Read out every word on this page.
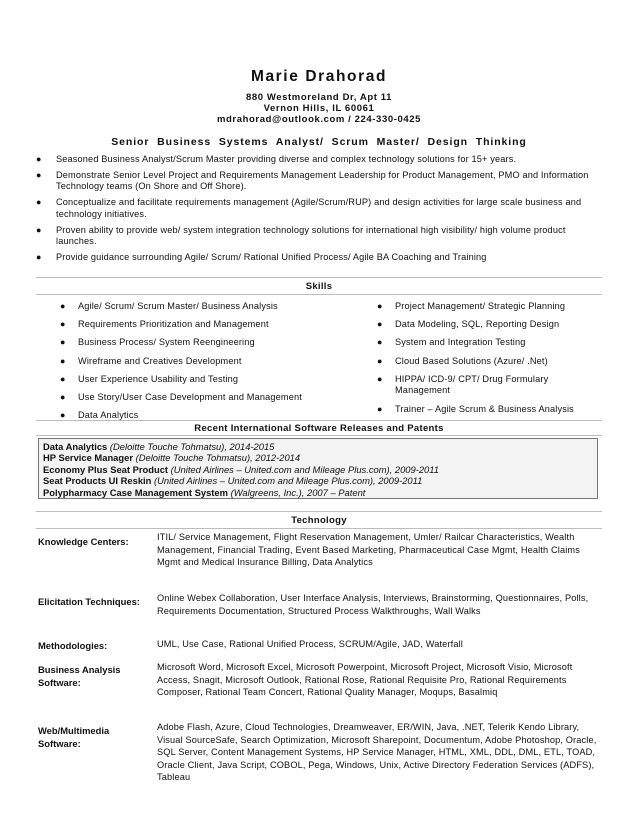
Marie Drahorad
880 Westmoreland Dr, Apt 11
Vernon Hills, IL 60061
mdrahorad@outlook.com / 224-330-0425
Senior Business Systems Analyst/ Scrum Master/ Design Thinking
● Seasoned Business Analyst/Scrum Master providing diverse and complex technology solutions for 15+ years.
● Demonstrate Senior Level Project and Requirements Management Leadership for Product Management, PMO and Information Technology teams (On Shore and Off Shore).
● Conceptualize and facilitate requirements management (Agile/Scrum/RUP) and design activities for large scale business and technology initiatives.
● Proven ability to provide web/ system integration technology solutions for international high visibility/ high volume product launches.
● Provide guidance surrounding Agile/ Scrum/ Rational Unified Process/ Agile BA Coaching and Training
Skills
● Agile/ Scrum/ Scrum Master/ Business Analysis
● Requirements Prioritization and Management
● Business Process/ System Reengineering
● Wireframe and Creatives Development
● User Experience Usability and Testing
● Use Story/User Case Development and Management
● Data Analytics
● Project Management/ Strategic Planning
● Data Modeling, SQL, Reporting Design
● System and Integration Testing
● Cloud Based Solutions (Azure/ .Net)
● HIPPA/ ICD-9/ CPT/ Drug Formulary Management
● Trainer – Agile Scrum & Business Analysis
Recent International Software Releases and Patents
Data Analytics (Deloitte Touche Tohmatsu), 2014-2015
HP Service Manager (Deloitte Touche Tohmatsu), 2012-2014
Economy Plus Seat Product (United Airlines – United.com and Mileage Plus.com), 2009-2011
Seat Products UI Reskin (United Airlines – United.com and Mileage Plus.com), 2009-2011
Polypharmacy Case Management System (Walgreens, Inc.), 2007 – Patent
Technology
Knowledge Centers:	ITIL/ Service Management, Flight Reservation Management, Umler/ Railcar Characteristics, Wealth Management, Financial Trading, Event Based Marketing, Pharmaceutical Case Mgmt, Health Claims Mgmt and Medical Insurance Billing, Data Analytics
Elicitation Techniques:	Online Webex Collaboration, User Interface Analysis, Interviews, Brainstorming, Questionnaires, Polls, Requirements Documentation, Structured Process Walkthroughs, Wall Walks
Methodologies:	UML, Use Case, Rational Unified Process, SCRUM/Agile, JAD, Waterfall
Business Analysis Software:
Microsoft Word, Microsoft Excel, Microsoft Powerpoint, Microsoft Project, Microsoft Visio, Microsoft Access, Snagit, Microsoft Outlook, Rational Rose, Rational Requisite Pro, Rational Requirements Composer, Rational Team Concert, Rational Quality Manager, Moqups, Basalmiq
Web/Multimedia Software:
Adobe Flash, Azure, Cloud Technologies, Dreamweaver, ER/WIN, Java, .NET, Telerik Kendo Library, Visual SourceSafe, Search Optimization, Microsoft Sharepoint, Documentum, Adobe Photoshop, Oracle, SQL Server, Content Management Systems, HP Service Manager, HTML, XML, DDL, DML, ETL, TOAD, Oracle Client, Java Script, COBOL, Pega, Windows, Unix, Active Directory Federation Services (ADFS), Tableau
